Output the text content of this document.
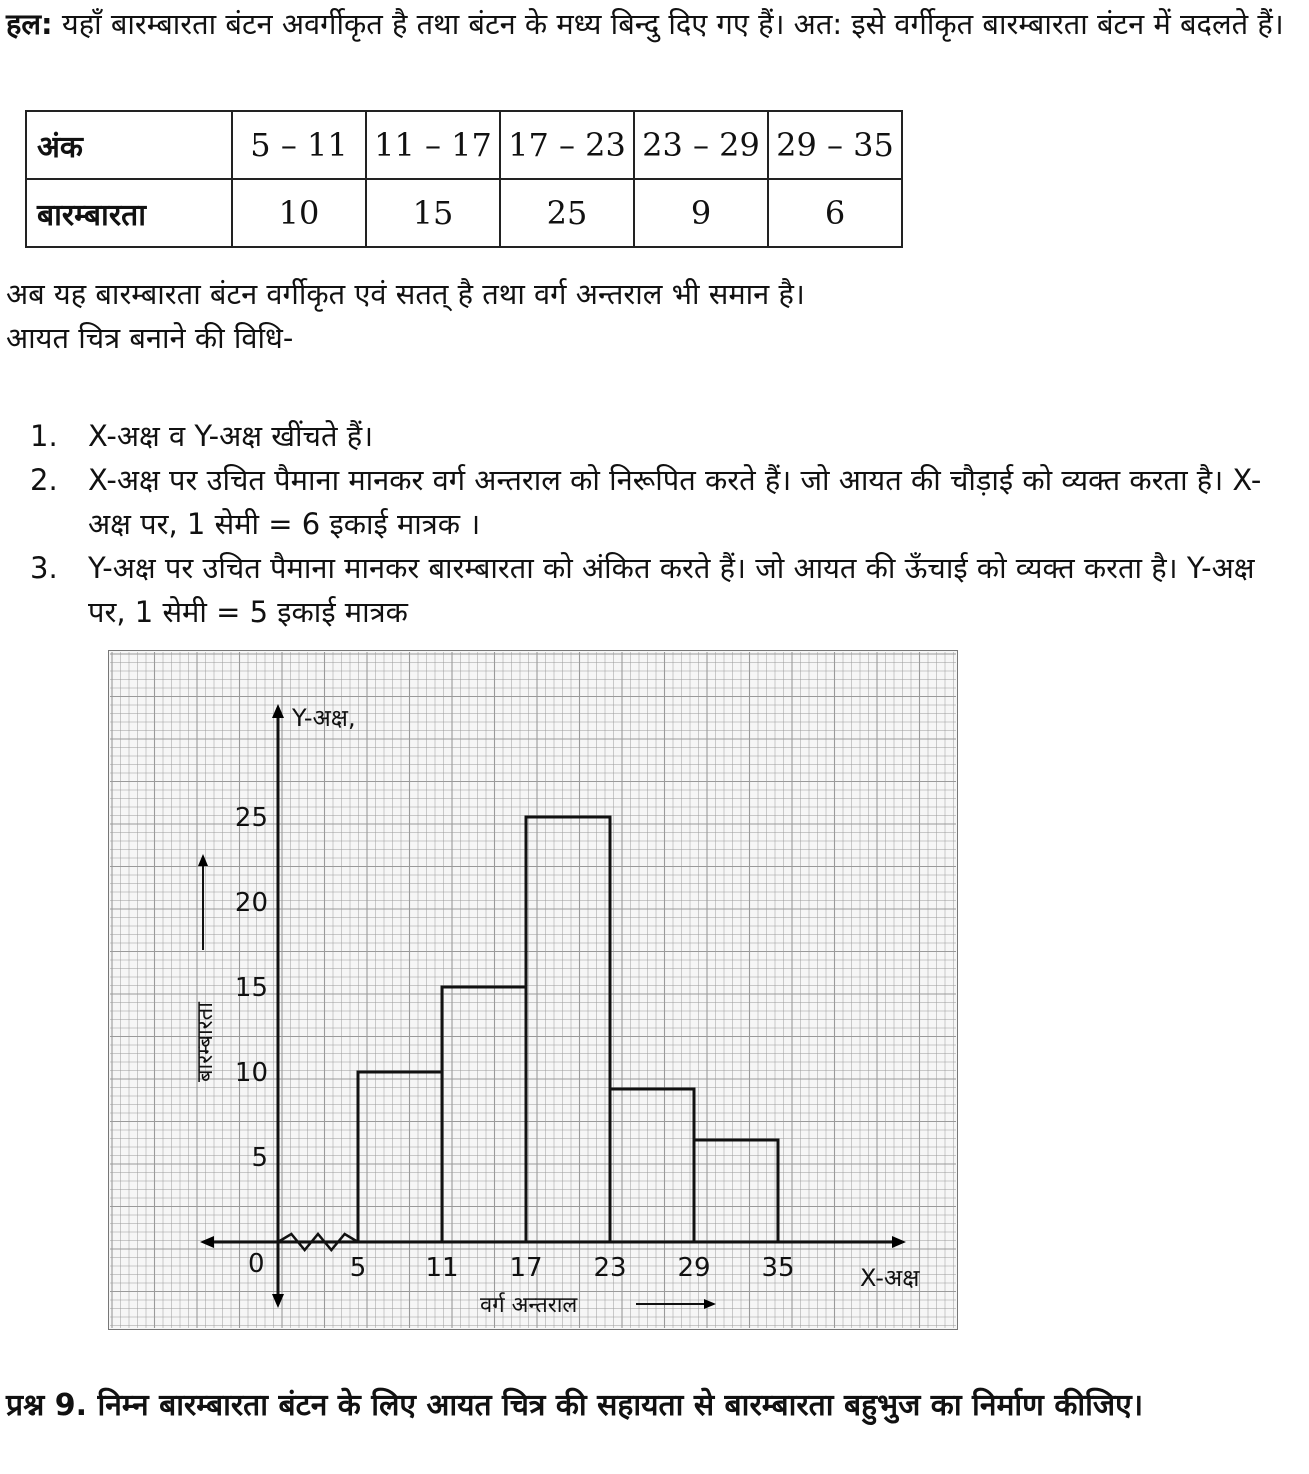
हल: यहाँ बारम्बारता बंटन अवर्गीकृत है तथा बंटन के मध्य बिन्दु दिए गए हैं। अत: इसे वर्गीकृत बारम्बारता बंटन में बदलते हैं।

अंक	5 – 11	11 – 17	17 – 23	23 – 29	29 – 35
बारम्बारता	10	15	25	9	6
अब यह बारम्बारता बंटन वर्गीकृत एवं सतत् है तथा वर्ग अन्तराल भी समान है।
आयत चित्र बनाने की विधि-
1. X-अक्ष व Y-अक्ष खींचते हैं।
2. X-अक्ष पर उचित पैमाना मानकर वर्ग अन्तराल को निरूपित करते हैं। जो आयत की चौड़ाई को व्यक्त करता है। X-अक्ष पर, 1 सेमी = 6 इकाई मात्रक ।
3. Y-अक्ष पर उचित पैमाना मानकर बारम्बारता को अंकित करते हैं। जो आयत की ऊँचाई को व्यक्त करता है। Y-अक्ष पर, 1 सेमी = 5 इकाई मात्रक
0	5 11 17 23 29 35
5
10
15
20
25
Y-अक्ष,
X-अक्ष
वर्ग अन्तराल
बारम्बारता

प्रश्न 9. निम्न बारम्बारता बंटन के लिए आयत चित्र की सहायता से बारम्बारता बहुभुज का निर्माण कीजिए।
